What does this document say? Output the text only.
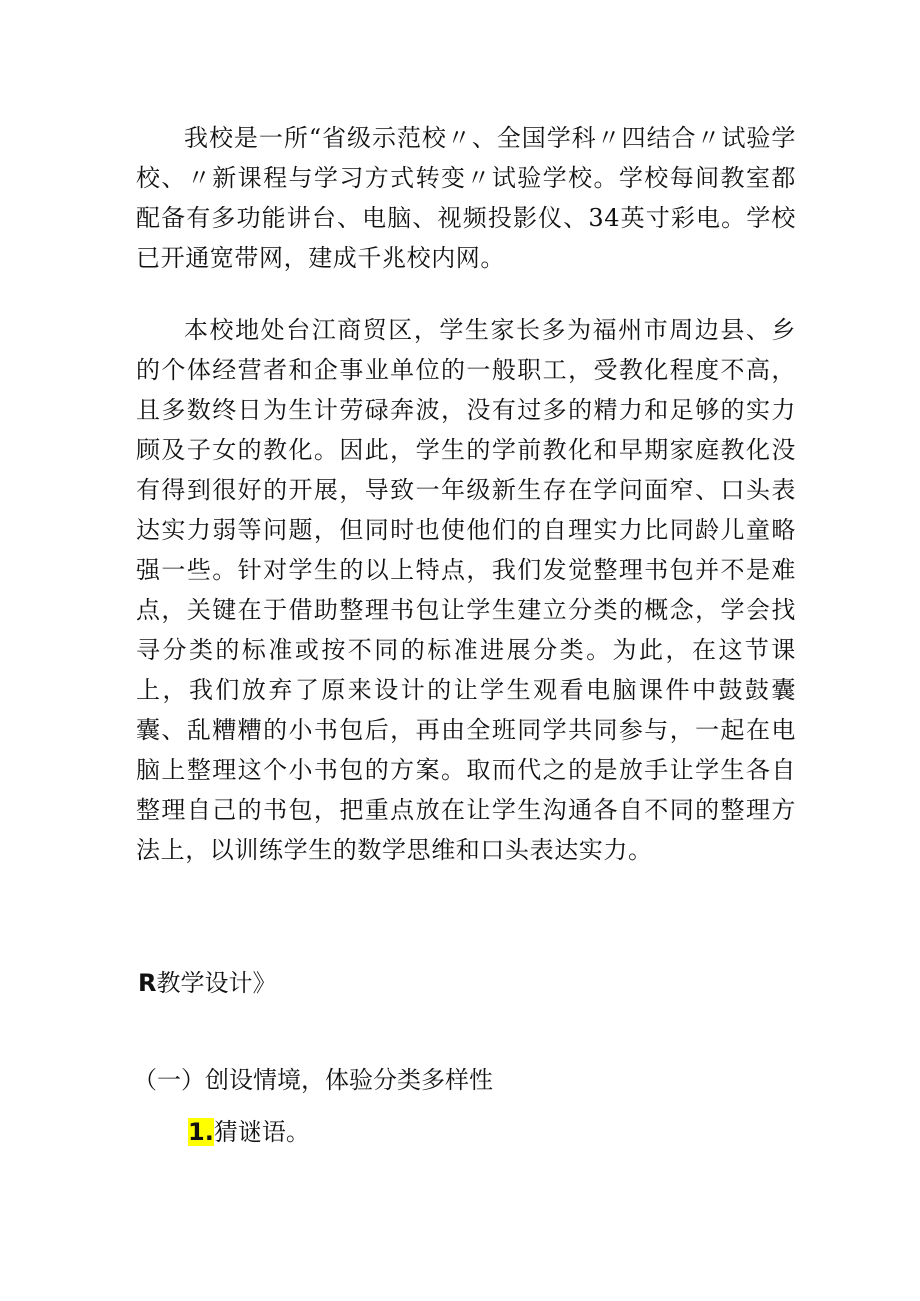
我校是一所“省级示范校〃、全国学科〃四结合〃试验学校、〃新课程与学习方式转变〃试验学校。学校每间教室都配备有多功能讲台、电脑、视频投影仪、34英寸彩电。学校已开通宽带网，建成千兆校内网。

本校地处台江商贸区，学生家长多为福州市周边县、乡的个体经营者和企事业单位的一般职工，受教化程度不高，且多数终日为生计劳碌奔波，没有过多的精力和足够的实力顾及子女的教化。因此，学生的学前教化和早期家庭教化没有得到很好的开展，导致一年级新生存在学问面窄、口头表达实力弱等问题，但同时也使他们的自理实力比同龄儿童略强一些。针对学生的以上特点，我们发觉整理书包并不是难点，关键在于借助整理书包让学生建立分类的概念，学会找寻分类的标准或按不同的标准进展分类。为此，在这节课上，我们放弃了原来设计的让学生观看电脑课件中鼓鼓囊囊、乱糟糟的小书包后，再由全班同学共同参与，一起在电脑上整理这个小书包的方案。取而代之的是放手让学生各自整理自己的书包，把重点放在让学生沟通各自不同的整理方法上，以训练学生的数学思维和口头表达实力。

R教学设计》
（一）创设情境，体验分类多样性
1.猜谜语。
